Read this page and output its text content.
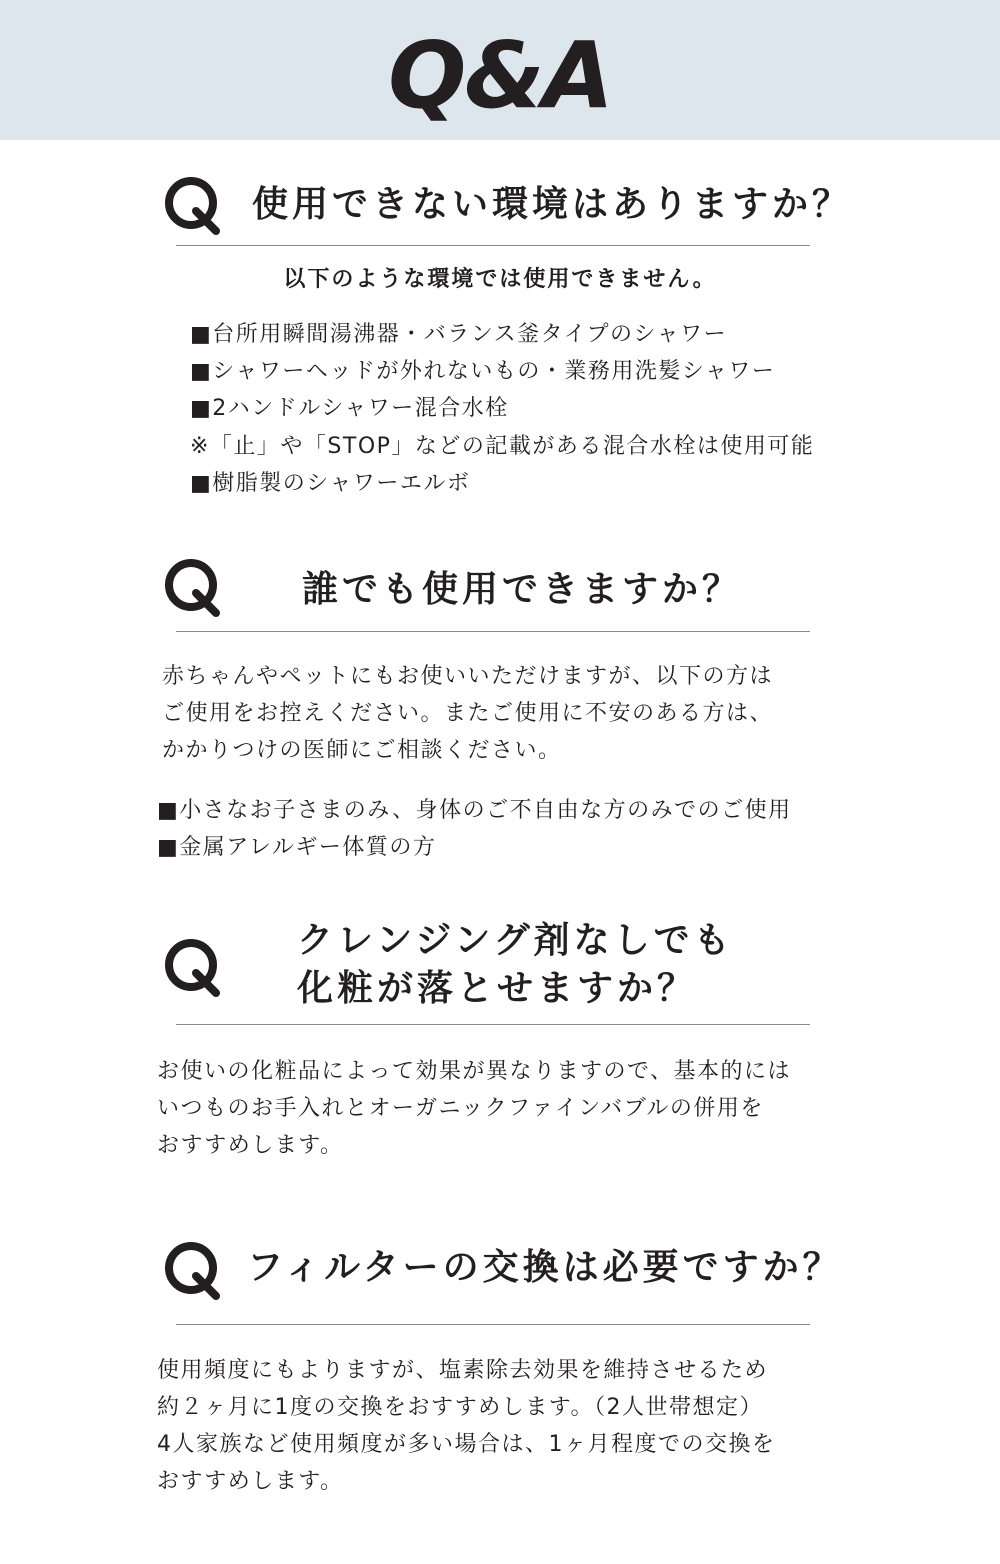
Q&A
使用できない環境はありますか？
以下のような環境では使用できません。
■台所用瞬間湯沸器・バランス釜タイプのシャワー
■シャワーヘッドが外れないもの・業務用洗髪シャワー
■2ハンドルシャワー混合水栓
※「止」や「STOP」などの記載がある混合水栓は使用可能
■樹脂製のシャワーエルボ
誰でも使用できますか？
赤ちゃんやペットにもお使いいただけますが、以下の方は
ご使用をお控えください。またご使用に不安のある方は、
かかりつけの医師にご相談ください。
■小さなお子さまのみ、身体のご不自由な方のみでのご使用
■金属アレルギー体質の方
クレンジング剤なしでも
化粧が落とせますか？
お使いの化粧品によって効果が異なりますので、基本的には
いつものお手入れとオーガニックファインバブルの併用を
おすすめします。
フィルターの交換は必要ですか？
使用頻度にもよりますが、塩素除去効果を維持させるため
約２ヶ月に1度の交換をおすすめします。（2人世帯想定）
4人家族など使用頻度が多い場合は、1ヶ月程度での交換を
おすすめします。
